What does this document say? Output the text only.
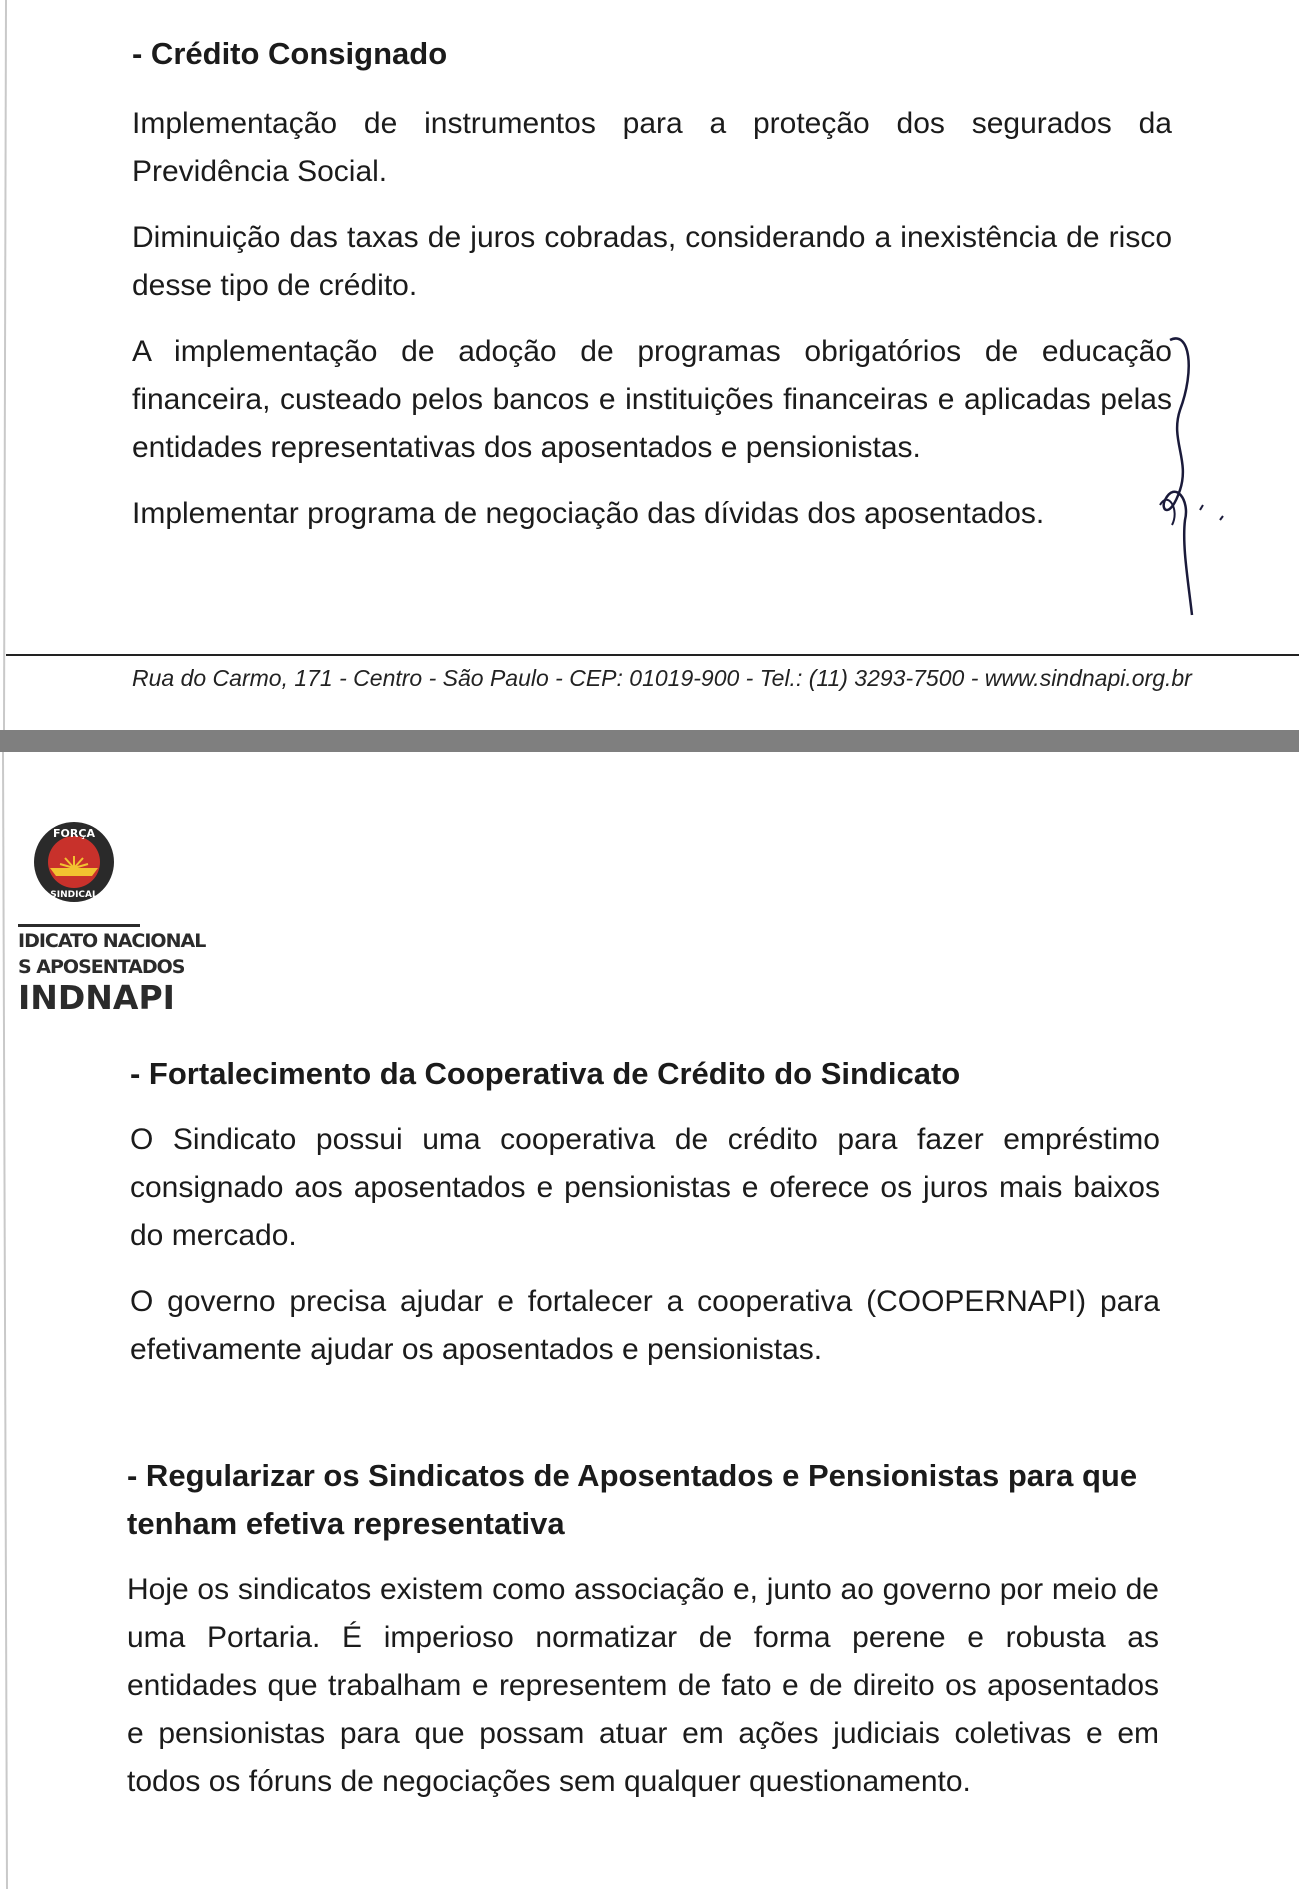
- Crédito Consignado

Implementação de instrumentos para a proteção dos segurados da Previdência Social.

Diminuição das taxas de juros cobradas, considerando a inexistência de risco desse tipo de crédito.

A implementação de adoção de programas obrigatórios de educação financeira, custeado pelos bancos e instituições financeiras e aplicadas pelas entidades representativas dos aposentados e pensionistas.

Implementar programa de negociação das dívidas dos aposentados.

Rua do Carmo, 171 - Centro - São Paulo - CEP: 01019-900 - Tel.: (11) 3293-7500 - www.sindnapi.org.br
FORÇA
SINDICAL
IDICATO NACIONAL
S APOSENTADOS
INDNAPI

- Fortalecimento da Cooperativa de Crédito do Sindicato

O Sindicato possui uma cooperativa de crédito para fazer empréstimo consignado aos aposentados e pensionistas e oferece os juros mais baixos do mercado.

O governo precisa ajudar e fortalecer a cooperativa (COOPERNAPI) para efetivamente ajudar os aposentados e pensionistas.

- Regularizar os Sindicatos de Aposentados e Pensionistas para que

tenham efetiva representativa

Hoje os sindicatos existem como associação e, junto ao governo por meio de uma Portaria. É imperioso normatizar de forma perene e robusta as entidades que trabalham e representem de fato e de direito os aposentados e pensionistas para que possam atuar em ações judiciais coletivas e em todos os fóruns de negociações sem qualquer questionamento.
